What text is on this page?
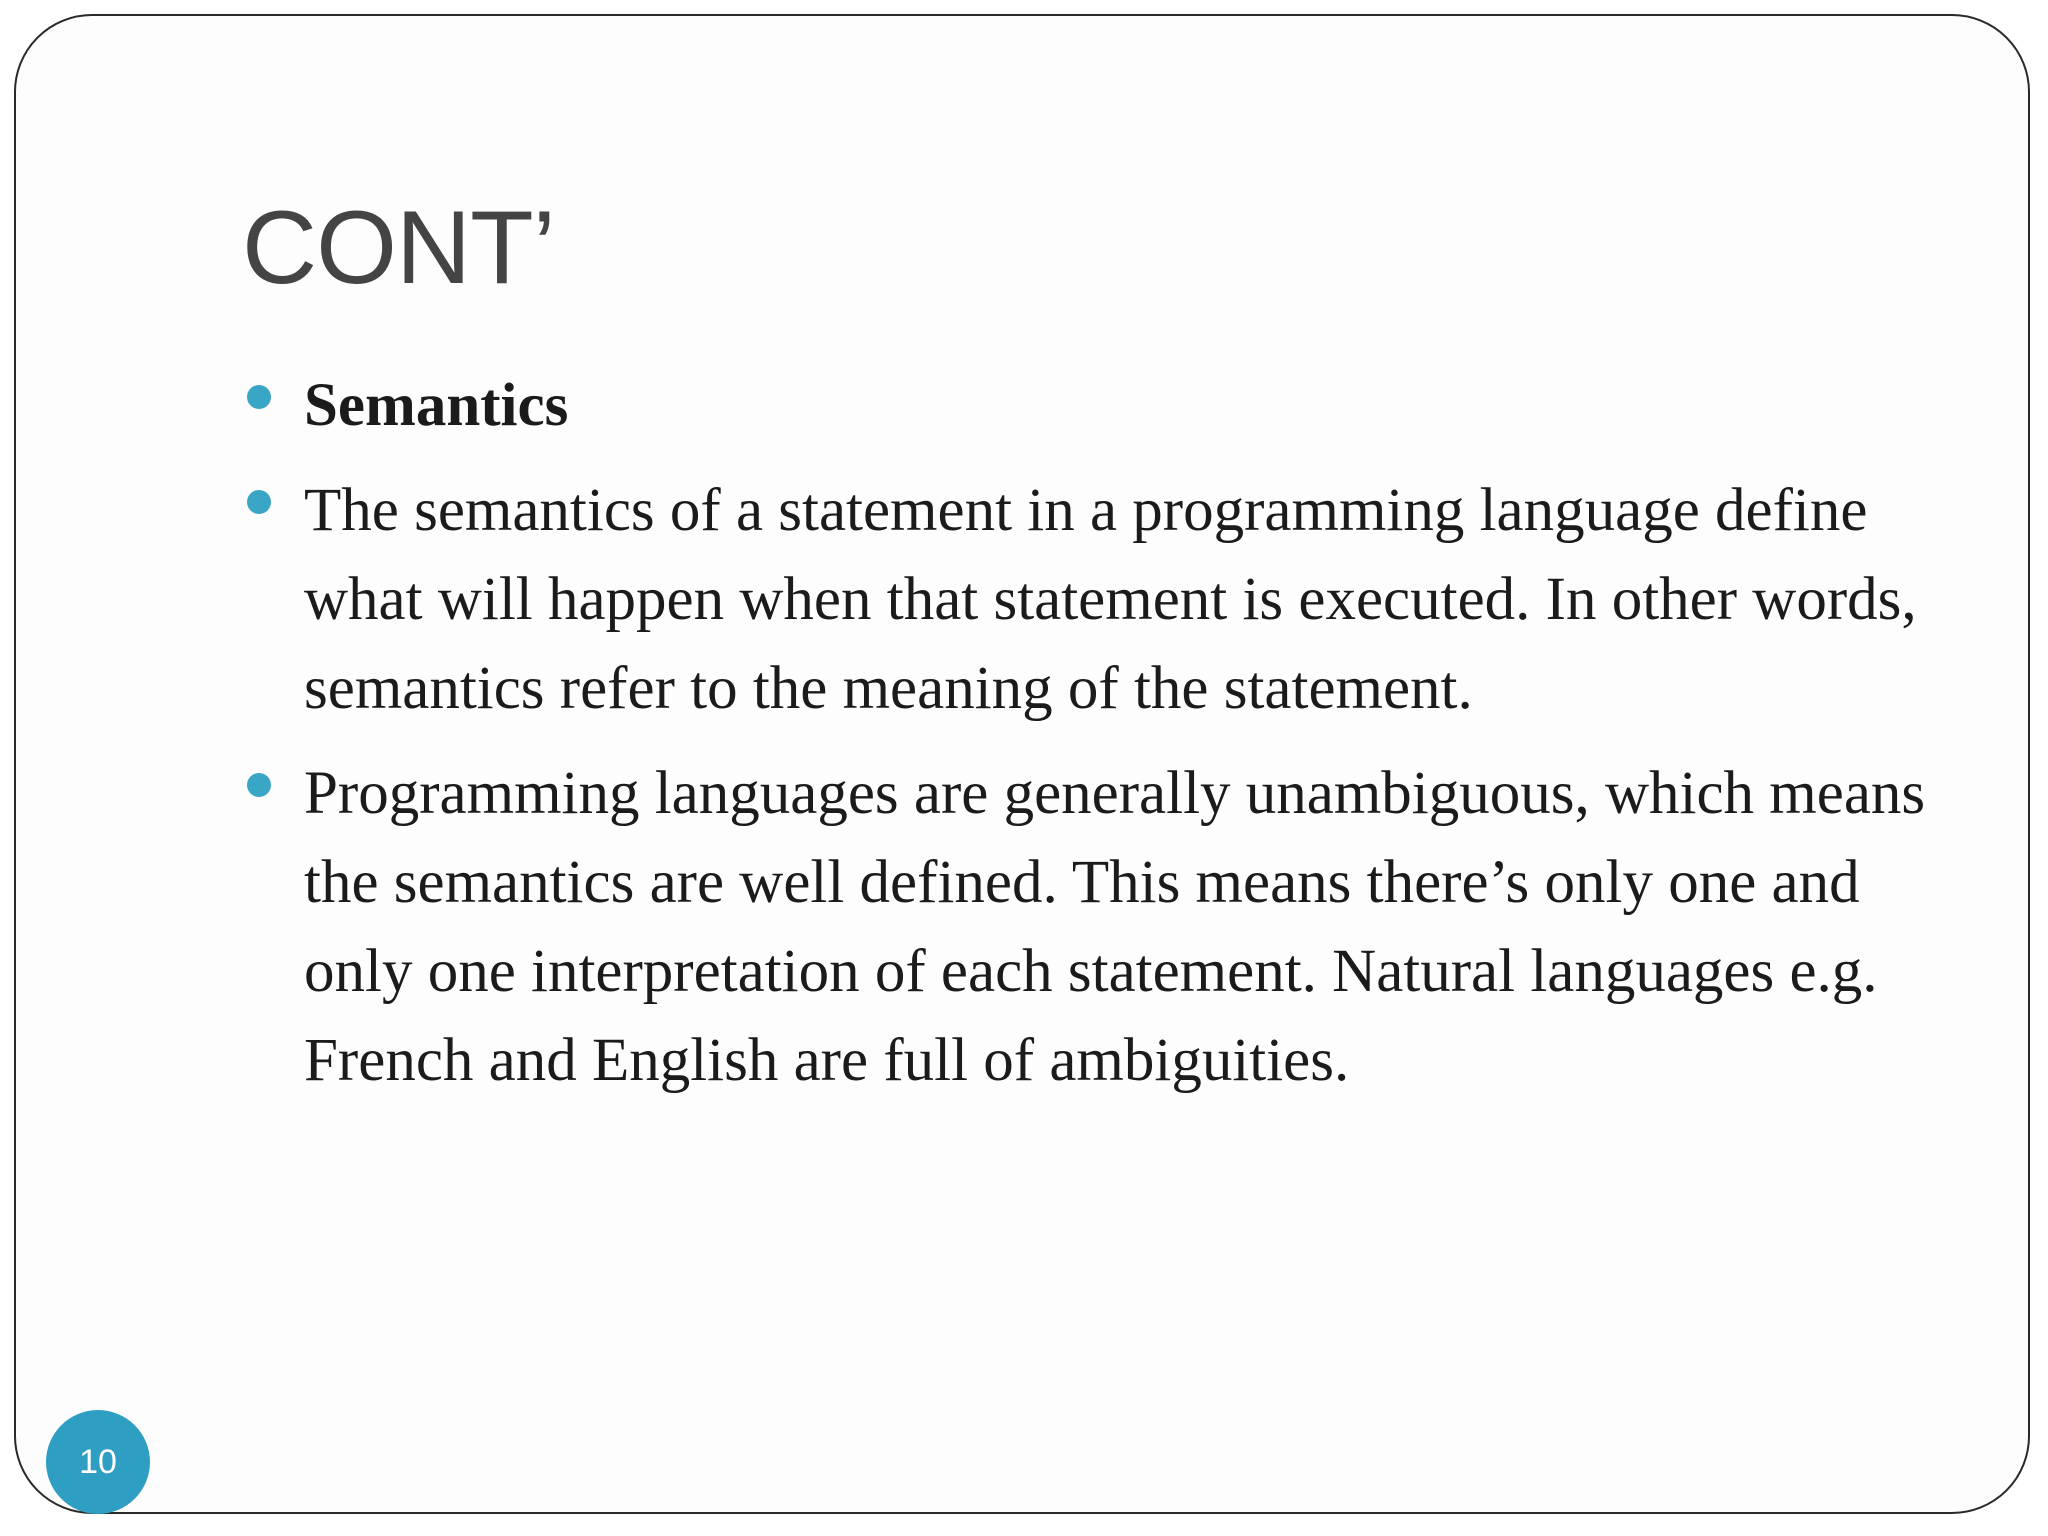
CONT’
Semantics
The semantics of a statement in a programming language define what will happen when that statement is executed. In other words, semantics refer to the meaning of the statement.
Programming languages are generally unambiguous, which means the semantics are well defined. This means there’s only one and only one interpretation of each statement. Natural languages e.g. French and English are full of ambiguities.
10
